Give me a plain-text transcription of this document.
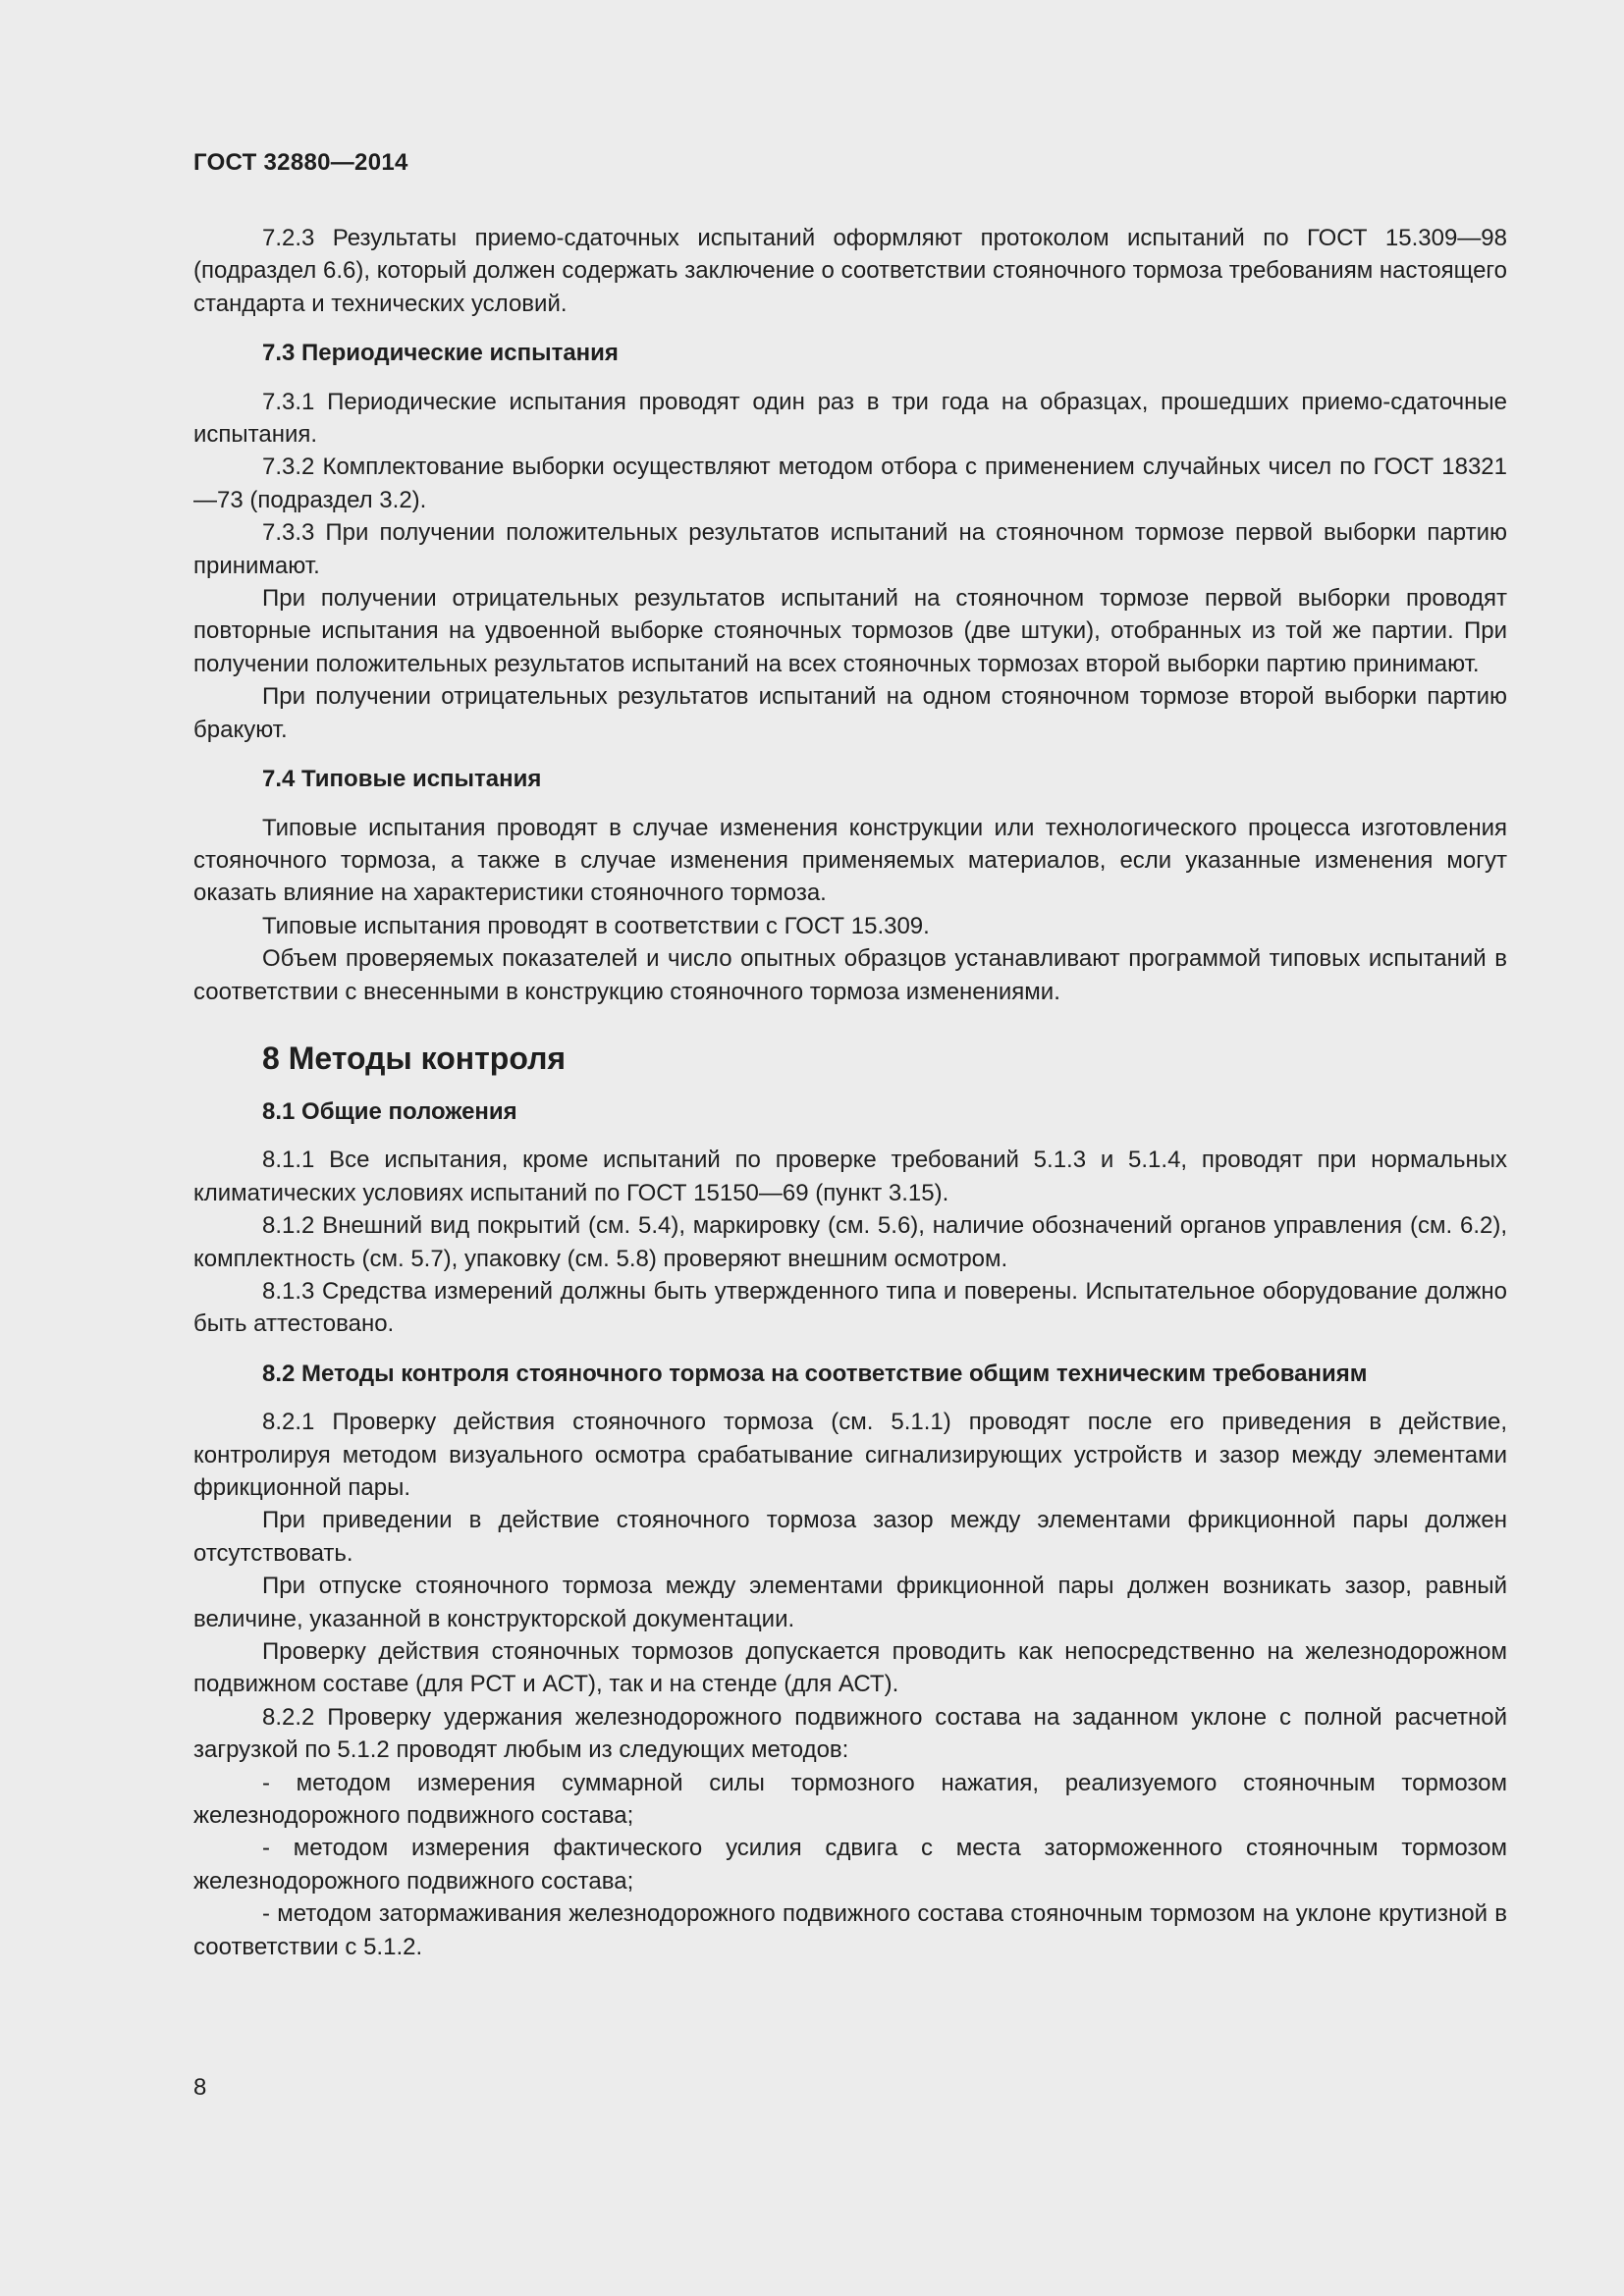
ГОСТ 32880—2014

7.2.3 Результаты приемо-сдаточных испытаний оформляют протоколом испытаний по ГОСТ 15.309—98 (подраздел 6.6), который должен содержать заключение о соответствии стояночного тормоза требованиям настоящего стандарта и технических условий.

7.3 Периодические испытания

7.3.1 Периодические испытания проводят один раз в три года на образцах, прошедших приемо-сдаточные испытания.

7.3.2 Комплектование выборки осуществляют методом отбора с применением случайных чисел по ГОСТ 18321—73 (подраздел 3.2).

7.3.3 При получении положительных результатов испытаний на стояночном тормозе первой выборки партию принимают.

При получении отрицательных результатов испытаний на стояночном тормозе первой выборки проводят повторные испытания на удвоенной выборке стояночных тормозов (две штуки), отобранных из той же партии. При получении положительных результатов испытаний на всех стояночных тормозах второй выборки партию принимают.

При получении отрицательных результатов испытаний на одном стояночном тормозе второй выборки партию бракуют.

7.4 Типовые испытания

Типовые испытания проводят в случае изменения конструкции или технологического процесса изготовления стояночного тормоза, а также в случае изменения применяемых материалов, если указанные изменения могут оказать влияние на характеристики стояночного тормоза.

Типовые испытания проводят в соответствии с ГОСТ 15.309.

Объем проверяемых показателей и число опытных образцов устанавливают программой типовых испытаний в соответствии с внесенными в конструкцию стояночного тормоза изменениями.

8 Методы контроля

8.1 Общие положения

8.1.1 Все испытания, кроме испытаний по проверке требований 5.1.3 и 5.1.4, проводят при нормальных климатических условиях испытаний по ГОСТ 15150—69 (пункт 3.15).

8.1.2 Внешний вид покрытий (см. 5.4), маркировку (см. 5.6), наличие обозначений органов управления (см. 6.2), комплектность (см. 5.7), упаковку (см. 5.8) проверяют внешним осмотром.

8.1.3 Средства измерений должны быть утвержденного типа и поверены. Испытательное оборудование должно быть аттестовано.

8.2 Методы контроля стояночного тормоза на соответствие общим техническим требованиям

8.2.1 Проверку действия стояночного тормоза (см. 5.1.1) проводят после его приведения в действие, контролируя методом визуального осмотра срабатывание сигнализирующих устройств и зазор между элементами фрикционной пары.

При приведении в действие стояночного тормоза зазор между элементами фрикционной пары должен отсутствовать.

При отпуске стояночного тормоза между элементами фрикционной пары должен возникать зазор, равный величине, указанной в конструкторской документации.

Проверку действия стояночных тормозов допускается проводить как непосредственно на железнодорожном подвижном составе (для РСТ и АСТ), так и на стенде (для АСТ).

8.2.2 Проверку удержания железнодорожного подвижного состава на заданном уклоне с полной расчетной загрузкой по 5.1.2 проводят любым из следующих методов:

- методом измерения суммарной силы тормозного нажатия, реализуемого стояночным тормозом железнодорожного подвижного состава;

- методом измерения фактического усилия сдвига с места заторможенного стояночным тормозом железнодорожного подвижного состава;

- методом затормаживания железнодорожного подвижного состава стояночным тормозом на уклоне крутизной в соответствии с 5.1.2.

8
